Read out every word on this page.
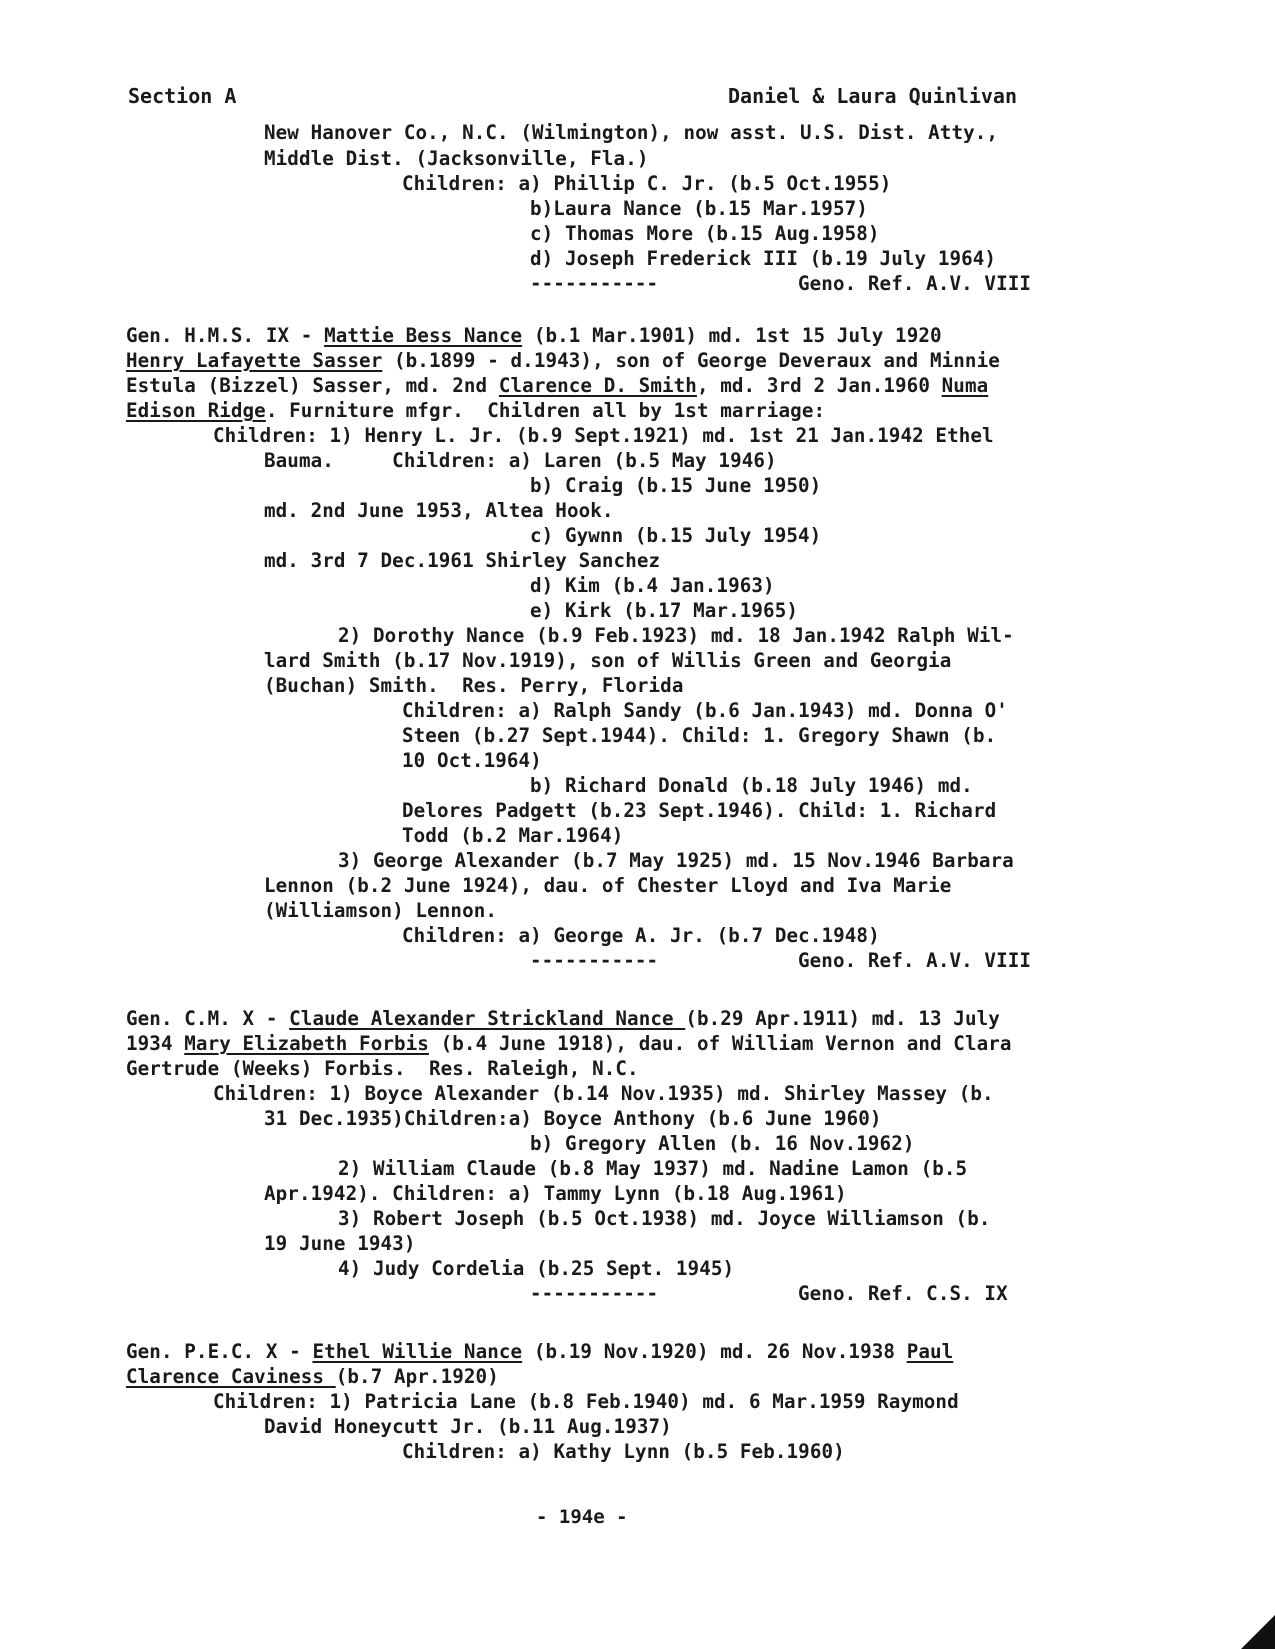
Section A	Daniel & Laura Quinlivan
New Hanover Co., N.C. (Wilmington), now asst. U.S. Dist. Atty.,
Middle Dist. (Jacksonville, Fla.)
Children: a) Phillip C. Jr. (b.5 Oct.1955)
b)Laura Nance (b.15 Mar.1957)
c) Thomas More (b.15 Aug.1958)
d) Joseph Frederick III (b.19 July 1964)
-----------            Geno. Ref. A.V. VIII
Gen. H.M.S. IX - Mattie Bess Nance (b.1 Mar.1901) md. 1st 15 July 1920
Henry Lafayette Sasser (b.1899 - d.1943), son of George Deveraux and Minnie
Estula (Bizzel) Sasser, md. 2nd Clarence D. Smith, md. 3rd 2 Jan.1960 Numa
Edison Ridge. Furniture mfgr.  Children all by 1st marriage:
Children: 1) Henry L. Jr. (b.9 Sept.1921) md. 1st 21 Jan.1942 Ethel
Bauma.     Children: a) Laren (b.5 May 1946)
b) Craig (b.15 June 1950)
md. 2nd June 1953, Altea Hook.
c) Gywnn (b.15 July 1954)
md. 3rd 7 Dec.1961 Shirley Sanchez
d) Kim (b.4 Jan.1963)
e) Kirk (b.17 Mar.1965)
2) Dorothy Nance (b.9 Feb.1923) md. 18 Jan.1942 Ralph Wil-
lard Smith (b.17 Nov.1919), son of Willis Green and Georgia
(Buchan) Smith.  Res. Perry, Florida
Children: a) Ralph Sandy (b.6 Jan.1943) md. Donna O'
Steen (b.27 Sept.1944). Child: 1. Gregory Shawn (b.
10 Oct.1964)
b) Richard Donald (b.18 July 1946) md.
Delores Padgett (b.23 Sept.1946). Child: 1. Richard
Todd (b.2 Mar.1964)
3) George Alexander (b.7 May 1925) md. 15 Nov.1946 Barbara
Lennon (b.2 June 1924), dau. of Chester Lloyd and Iva Marie
(Williamson) Lennon.
Children: a) George A. Jr. (b.7 Dec.1948)
-----------            Geno. Ref. A.V. VIII
Gen. C.M. X - Claude Alexander Strickland Nance (b.29 Apr.1911) md. 13 July
1934 Mary Elizabeth Forbis (b.4 June 1918), dau. of William Vernon and Clara
Gertrude (Weeks) Forbis.  Res. Raleigh, N.C.
Children: 1) Boyce Alexander (b.14 Nov.1935) md. Shirley Massey (b.
31 Dec.1935)Children:a) Boyce Anthony (b.6 June 1960)
b) Gregory Allen (b. 16 Nov.1962)
2) William Claude (b.8 May 1937) md. Nadine Lamon (b.5
Apr.1942). Children: a) Tammy Lynn (b.18 Aug.1961)
3) Robert Joseph (b.5 Oct.1938) md. Joyce Williamson (b.
19 June 1943)
4) Judy Cordelia (b.25 Sept. 1945)
-----------            Geno. Ref. C.S. IX
Gen. P.E.C. X - Ethel Willie Nance (b.19 Nov.1920) md. 26 Nov.1938 Paul
Clarence Caviness (b.7 Apr.1920)
Children: 1) Patricia Lane (b.8 Feb.1940) md. 6 Mar.1959 Raymond
David Honeycutt Jr. (b.11 Aug.1937)
Children: a) Kathy Lynn (b.5 Feb.1960)
- 194e -
